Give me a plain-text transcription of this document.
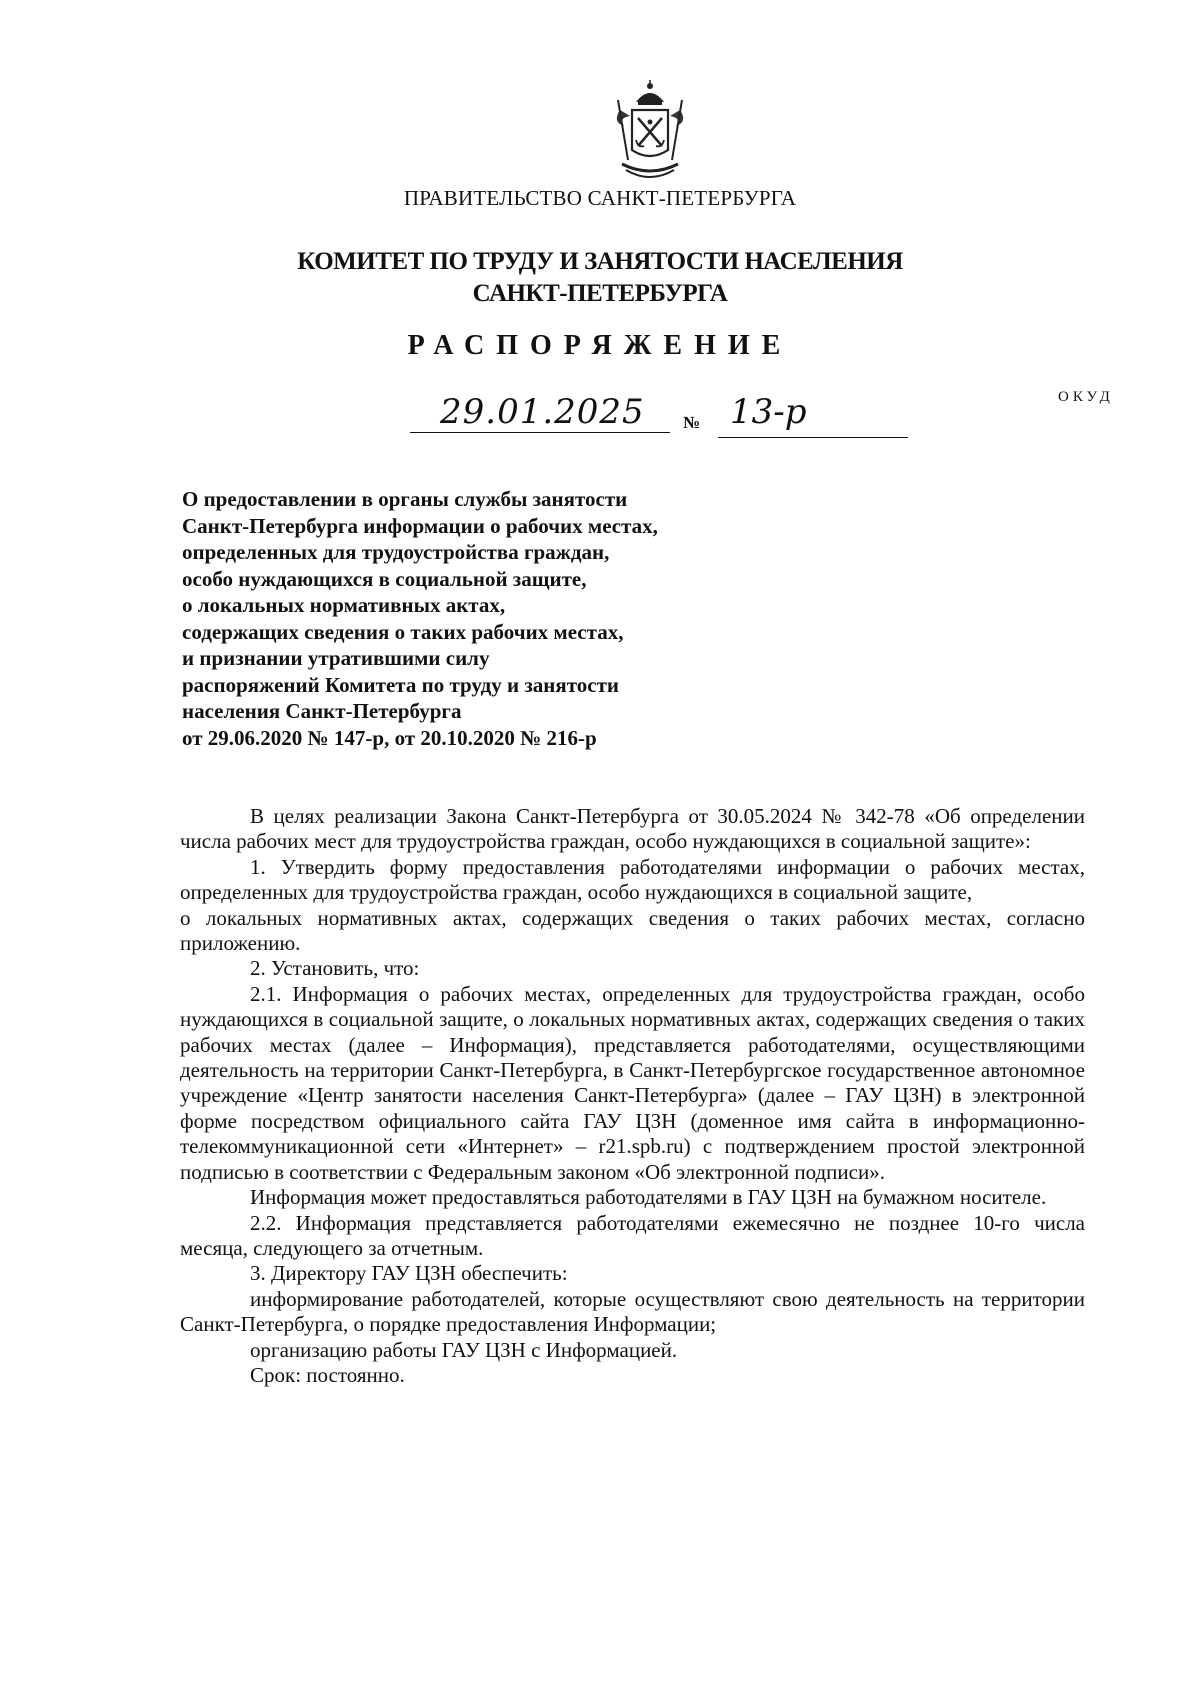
ПРАВИТЕЛЬСТВО САНКТ-ПЕТЕРБУРГА
КОМИТЕТ ПО ТРУДУ И ЗАНЯТОСТИ НАСЕЛЕНИЯ
САНКТ-ПЕТЕРБУРГА
РАСПОРЯЖЕНИЕ
ОКУД
29.01.2025 № 13-р
О предоставлении в органы службы занятости
Санкт-Петербурга информации о рабочих местах,
определенных для трудоустройства граждан,
особо нуждающихся в социальной защите,
о локальных нормативных актах,
содержащих сведения о таких рабочих местах,
и признании утратившими силу
распоряжений Комитета по труду и занятости
населения Санкт-Петербурга
от 29.06.2020 № 147-р, от 20.10.2020 № 216-р

В целях реализации Закона Санкт-Петербурга от 30.05.2024 № 342-78 «Об определении числа рабочих мест для трудоустройства граждан, особо нуждающихся в социальной защите»:

1. Утвердить форму предоставления работодателями информации о рабочих местах, определенных для трудоустройства граждан, особо нуждающихся в социальной защите,

о локальных нормативных актах, содержащих сведения о таких рабочих местах, согласно приложению.

2. Установить, что:

2.1. Информация о рабочих местах, определенных для трудоустройства граждан, особо нуждающихся в социальной защите, о локальных нормативных актах, содержащих сведения о таких рабочих местах (далее – Информация), представляется работодателями, осуществляющими деятельность на территории Санкт-Петербурга, в Санкт-Петербургское государственное автономное учреждение «Центр занятости населения Санкт-Петербурга» (далее – ГАУ ЦЗН) в электронной форме посредством официального сайта ГАУ ЦЗН (доменное имя сайта в информационно-телекоммуникационной сети «Интернет» – r21.spb.ru) с подтверждением простой электронной подписью в соответствии с Федеральным законом «Об электронной подписи».

Информация может предоставляться работодателями в ГАУ ЦЗН на бумажном носителе.

2.2. Информация представляется работодателями ежемесячно не позднее 10-го числа месяца, следующего за отчетным.

3. Директору ГАУ ЦЗН обеспечить:

информирование работодателей, которые осуществляют свою деятельность на территории Санкт-Петербурга, о порядке предоставления Информации;

организацию работы ГАУ ЦЗН с Информацией.

Срок: постоянно.
